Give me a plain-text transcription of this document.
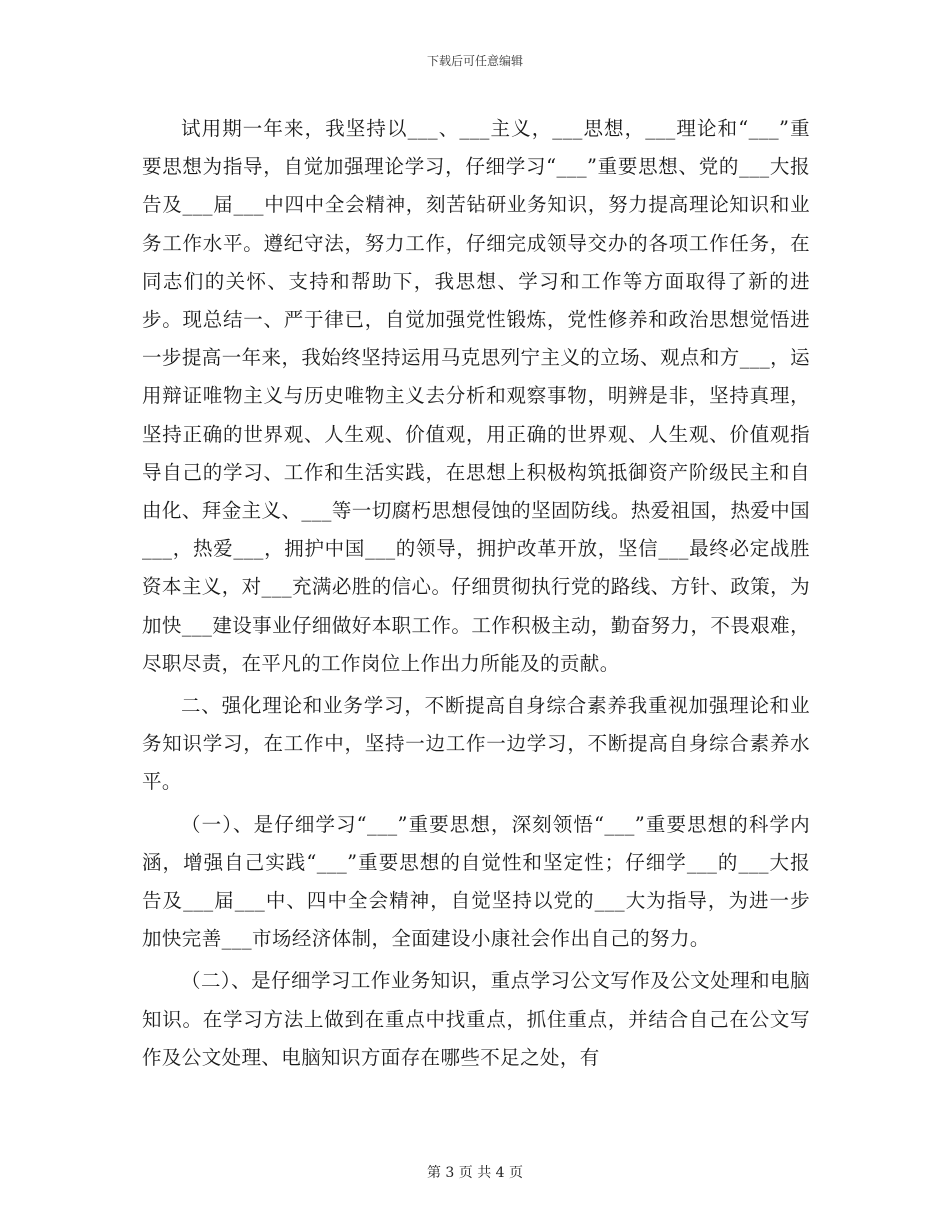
下载后可任意编辑

试用期一年来，我坚持以___、___主义，___思想，___理论和“___”重要思想为指导，自觉加强理论学习，仔细学习“___”重要思想、党的___大报告及___届___中四中全会精神，刻苦钻研业务知识，努力提高理论知识和业务工作水平。遵纪守法，努力工作，仔细完成领导交办的各项工作任务，在同志们的关怀、支持和帮助下，我思想、学习和工作等方面取得了新的进步。现总结一、严于律已，自觉加强党性锻炼，党性修养和政治思想觉悟进一步提高一年来，我始终坚持运用马克思列宁主义的立场、观点和方___，运用辩证唯物主义与历史唯物主义去分析和观察事物，明辨是非，坚持真理，坚持正确的世界观、人生观、价值观，用正确的世界观、人生观、价值观指导自己的学习、工作和生活实践，在思想上积极构筑抵御资产阶级民主和自由化、拜金主义、___等一切腐朽思想侵蚀的坚固防线。热爱祖国，热爱中国___，热爱___，拥护中国___的领导，拥护改革开放，坚信___最终必定战胜资本主义，对___充满必胜的信心。仔细贯彻执行党的路线、方针、政策，为加快___建设事业仔细做好本职工作。工作积极主动，勤奋努力，不畏艰难，尽职尽责，在平凡的工作岗位上作出力所能及的贡献。

二、强化理论和业务学习，不断提高自身综合素养我重视加强理论和业务知识学习，在工作中，坚持一边工作一边学习，不断提高自身综合素养水平。

（一）、是仔细学习“___”重要思想，深刻领悟“___”重要思想的科学内涵，增强自己实践“___”重要思想的自觉性和坚定性；仔细学___的___大报告及___届___中、四中全会精神，自觉坚持以党的___大为指导，为进一步加快完善___市场经济体制，全面建设小康社会作出自己的努力。

（二）、是仔细学习工作业务知识，重点学习公文写作及公文处理和电脑知识。在学习方法上做到在重点中找重点，抓住重点，并结合自己在公文写作及公文处理、电脑知识方面存在哪些不足之处，有

第 3 页 共 4 页
